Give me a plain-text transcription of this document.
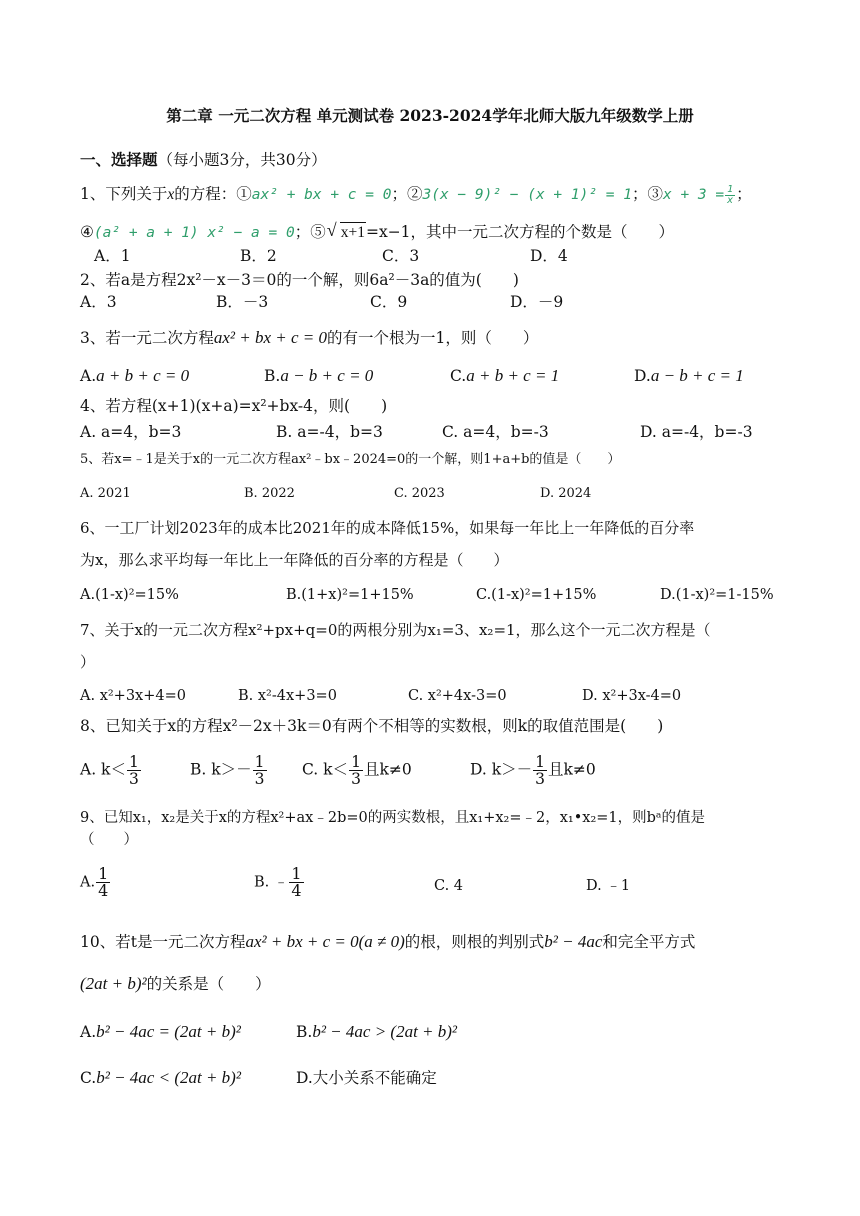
第二章 一元二次方程 单元测试卷 2023-2024学年北师大版九年级数学上册
一、选择题（每小题3分，共30分）
1、下列关于x的方程：①ax² + bx + c = 0；②3(x − 9)² − (x + 1)² = 1；③x + $3 = \frac{1}{x}$ ；
④(a² + a + 1) x² − a = 0；⑤√ x+1=x−1，其中一元二次方程的个数是（　　）
A．1	B．2	C．3	D．4
2、若a是方程2x²－x－3＝0的一个解，则6a²－3a的值为(　　)
A．3	B．－3	C．9	D．－9
3、若一元二次方程ax² + bx + c = 0的有一个根为一1，则（　　）
A.a + b + c = 0	B.a − b + c = 0	C.a + b + c = 1	D.a − b + c = 1
4、若方程(x+1)(x+a)=x²+bx-4，则(　　)
A. a=4，b=3	B. a=-4，b=3	C. a=4，b=-3	D. a=-4，b=-3
5、若x=﹣1是关于x的一元二次方程ax²﹣bx﹣2024=0的一个解，则1+a+b的值是（　　）
A. 2021	B. 2022	C. 2023	D. 2024
6、一工厂计划2023年的成本比2021年的成本降低15%，如果每一年比上一年降低的百分率
为x，那么求平均每一年比上一年降低的百分率的方程是（　　）
A.(1-x)²=15%	B.(1+x)²=1+15%	C.(1-x)²=1+15%	D.(1-x)²=1-15%
7、关于x的一元二次方程x²+px+q=0的两根分别为x₁=3、x₂=1，那么这个一元二次方程是（
）
A. x²+3x+4=0	B. x²-4x+3=0	C. x²+4x-3=0	D. x²+3x-4=0
8、已知关于x的方程x²－2x＋3k＝0有两个不相等的实数根，则k的取值范围是(　　)
A. $k< \frac{1}{3}$	B. $k>- \frac{1}{3} C$. $k< \frac{1}{3}$ 且k≠0	D. $k>- \frac{1}{3}$ 且k≠0
9、已知x₁，x₂是关于x的方程x²+ax﹣2b=0的两实数根，且x₁+x₂=﹣2，x₁•x₂=1，则bᵃ的值是
（　　）
A. $\frac{1}{4}$	B. ﹣ $\frac{1}{4}$	C. 4	D. ﹣1
10、若t是一元二次方程ax² + bx + c = 0(a ≠ 0)的根，则根的判别式b² − 4ac和完全平方式
(2at + b)²的关系是（　　）
A.b² − 4ac = (2at + b)²	B.b² − 4ac > (2at + b)²
C.b² − 4ac < (2at + b)²	D.大小关系不能确定
